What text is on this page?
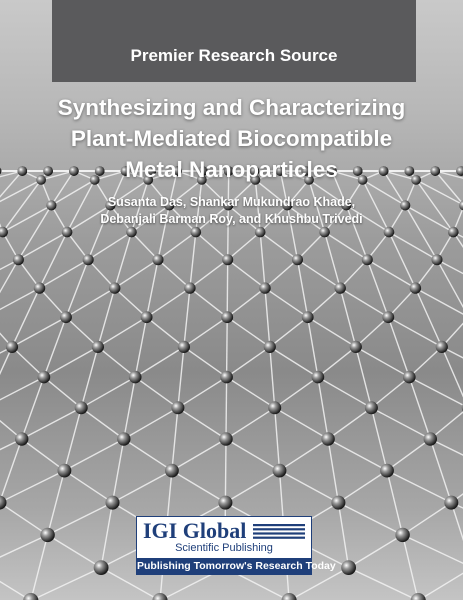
Premier Research Source
Synthesizing and Characterizing
Plant-Mediated Biocompatible
Metal Nanoparticles
Susanta Das, Shankar Mukundrao Khade,
Debanjali Barman Roy, and Khushbu Trivedi
IGI Global
Scientific Publishing
Publishing Tomorrow's Research Today
